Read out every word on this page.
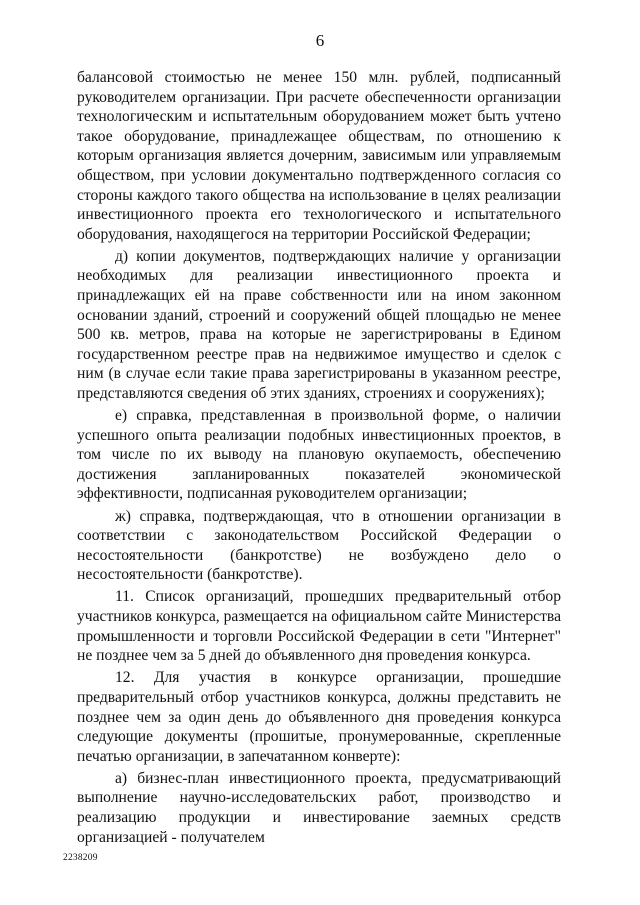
6

балансовой стоимостью не менее 150 млн. рублей, подписанный руководителем организации. При расчете обеспеченности организации технологическим и испытательным оборудованием может быть учтено такое оборудование, принадлежащее обществам, по отношению к которым организация является дочерним, зависимым или управляемым обществом, при условии документально подтвержденного согласия со стороны каждого такого общества на использование в целях реализации инвестиционного проекта его технологического и испытательного оборудования, находящегося на территории Российской Федерации;

д) копии документов, подтверждающих наличие у организации необходимых для реализации инвестиционного проекта и принадлежащих ей на праве собственности или на ином законном основании зданий, строений и сооружений общей площадью не менее 500 кв. метров, права на которые не зарегистрированы в Едином государственном реестре прав на недвижимое имущество и сделок с ним (в случае если такие права зарегистрированы в указанном реестре, представляются сведения об этих зданиях, строениях и сооружениях);

е) справка, представленная в произвольной форме, о наличии успешного опыта реализации подобных инвестиционных проектов, в том числе по их выводу на плановую окупаемость, обеспечению достижения запланированных показателей экономической эффективности, подписанная руководителем организации;

ж) справка, подтверждающая, что в отношении организации в соответствии с законодательством Российской Федерации о несостоятельности (банкротстве) не возбуждено дело о несостоятельности (банкротстве).

11. Список организаций, прошедших предварительный отбор участников конкурса, размещается на официальном сайте Министерства промышленности и торговли Российской Федерации в сети "Интернет" не позднее чем за 5 дней до объявленного дня проведения конкурса.

12. Для участия в конкурсе организации, прошедшие предварительный отбор участников конкурса, должны представить не позднее чем за один день до объявленного дня проведения конкурса следующие документы (прошитые, пронумерованные, скрепленные печатью организации, в запечатанном конверте):

а) бизнес-план инвестиционного проекта, предусматривающий выполнение научно-исследовательских работ, производство и реализацию продукции и инвестирование заемных средств организацией - получателем

2238209
